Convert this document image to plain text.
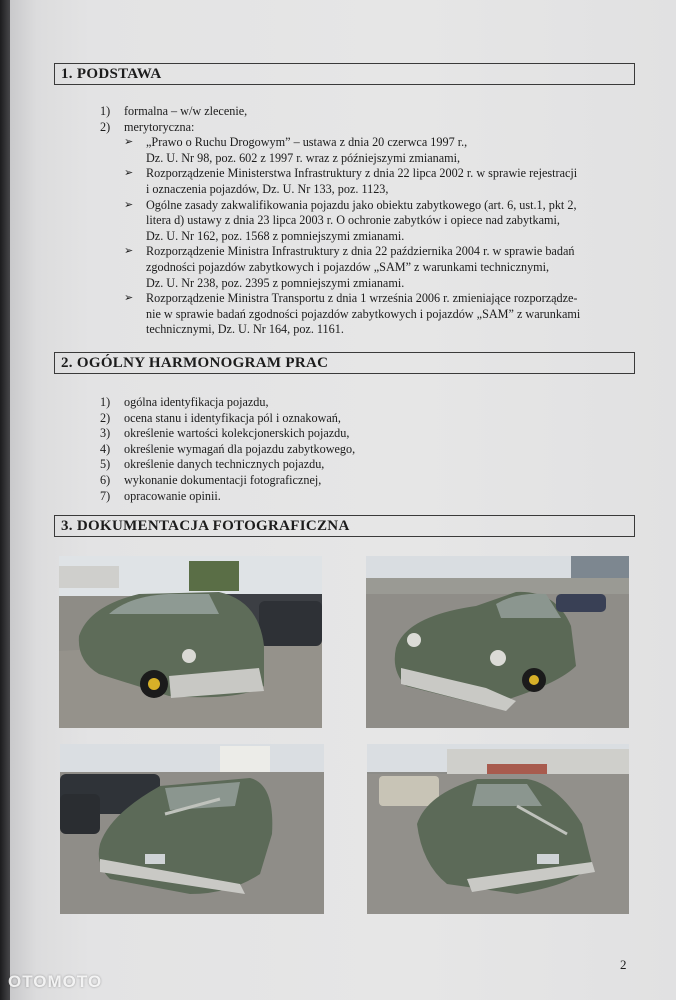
1. PODSTAWA
1)	formalna – w/w zlecenie,
2)	merytoryczna:
➢	„Prawo o Ruchu Drogowym” – ustawa z dnia 20 czerwca 1997 r.,
Dz. U. Nr 98, poz. 602 z 1997 r. wraz z późniejszymi zmianami,
➢	Rozporządzenie Ministerstwa Infrastruktury z dnia 22 lipca 2002 r. w sprawie rejestracji
i oznaczenia pojazdów, Dz. U. Nr 133, poz. 1123,
➢	Ogólne zasady zakwalifikowania pojazdu jako obiektu zabytkowego (art. 6, ust.1, pkt 2,
litera d) ustawy z dnia 23 lipca 2003 r. O ochronie zabytków i opiece nad zabytkami,
Dz. U. Nr 162, poz. 1568 z pomniejszymi zmianami.
➢	Rozporządzenie Ministra Infrastruktury z dnia 22 października 2004 r. w sprawie badań
zgodności pojazdów zabytkowych i pojazdów „SAM” z warunkami technicznymi,
Dz. U. Nr 238, poz. 2395 z pomniejszymi zmianami.
➢	Rozporządzenie Ministra Transportu z dnia 1 września 2006 r. zmieniające rozporządze-
nie w sprawie badań zgodności pojazdów zabytkowych i pojazdów „SAM” z warunkami
technicznymi, Dz. U. Nr 164, poz. 1161.
2. OGÓLNY HARMONOGRAM PRAC
1)	ogólna identyfikacja pojazdu,
2)	ocena stanu i identyfikacja pól i oznakowań,
3)	określenie wartości kolekcjonerskich pojazdu,
4)	określenie wymagań dla pojazdu zabytkowego,
5)	określenie danych technicznych pojazdu,
6)	wykonanie dokumentacji fotograficznej,
7)	opracowanie opinii.
3. DOKUMENTACJA FOTOGRAFICZNA
2
OTOMOTO
